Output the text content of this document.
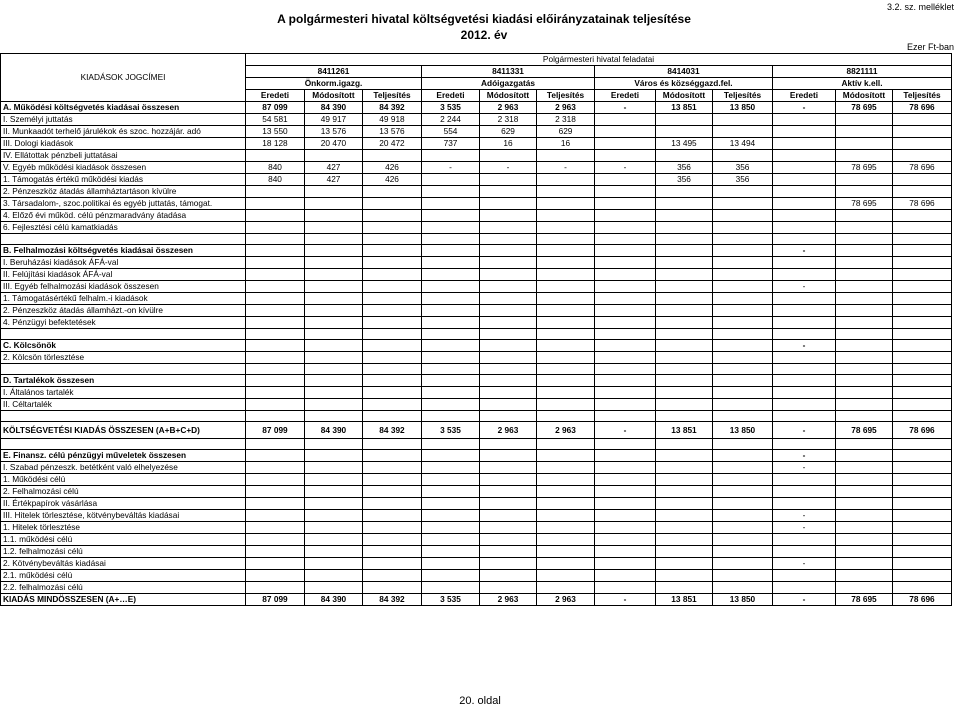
3.2. sz. melléklet
A polgármesteri hivatal költségvetési kiadási előirányzatainak teljesítése
2012. év
Ezer Ft-ban
KIADÁSOK JOGCÍMEI	Polgármesteri hivatal feladatai											
	8411261			8411331			8414031			8821111		
	Önkorm.igazg.			Adóigazgatás			Város és községgazd.fel.			Aktív k.ell.		
	Eredeti	Módosított	Teljesítés	Eredeti	Módosított	Teljesítés	Eredeti	Módosított	Teljesítés	Eredeti	Módosított	Teljesítés
A. Működési költségvetés kiadásai összesen	87 099	84 390	84 392	3 535	2 963	2 963	-	13 851	13 850	-	78 695	78 696
I. Személyi juttatás	54 581	49 917	49 918	2 244	2 318	2 318						
II. Munkaadót terhelő járulékok és szoc. hozzájár. adó	13 550	13 576	13 576	554	629	629						
III. Dologi kiadások	18 128	20 470	20 472	737	16	16		13 495	13 494			
IV. Ellátottak pénzbeli juttatásai												
V. Egyéb működési kiadások összesen	840	427	426	-	-	-	-	356	356		78 695	78 696
1. Támogatás értékű működési kiadás	840	427	426					356	356			
2. Pénzeszköz átadás államháztartáson kívülre												
3. Társadalom-, szoc.politikai és egyéb juttatás, támogat.											78 695	78 696
4. Előző évi működ. célú pénzmaradvány átadása												
6. Fejlesztési célú kamatkiadás												

B. Felhalmozási költségvetés kiadásai összesen										-		
I. Beruházási kiadások ÁFÁ-val												
II. Felújítási kiadások ÁFÁ-val												
III. Egyéb felhalmozási kiadások összesen										-		
1. Támogatásértékű felhalm.-i kiadások												
2. Pénzeszköz átadás államházt.-on kívülre												
4. Pénzügyi befektetések												

C. Kölcsönök										-		
2. Kölcsön törlesztése												

D. Tartalékok összesen												
I. Általános tartalék												
II. Céltartalék												

KÖLTSÉGVETÉSI KIADÁS ÖSSZESEN (A+B+C+D)	87 099	84 390	84 392	3 535	2 963	2 963	-	13 851	13 850	-	78 695	78 696

E. Finansz. célú pénzügyi műveletek összesen										-		
I. Szabad pénzeszk. betétként való elhelyezése										-		
1. Működési célú												
2. Felhalmozási célú												
II. Értékpapírok vásárlása												
III. Hitelek törlesztése, kötvénybeváltás kiadásai										-		
1. Hitelek törlesztése										-		
1.1. működési célú												
1.2. felhalmozási célú												
2. Kötvénybeváltás kiadásai										-		
2.1. működési célú												
2.2. felhalmozási célú												
KIADÁS MINDÖSSZESEN (A+…E)	87 099	84 390	84 392	3 535	2 963	2 963	-	13 851	13 850	-	78 695	78 696
20. oldal
